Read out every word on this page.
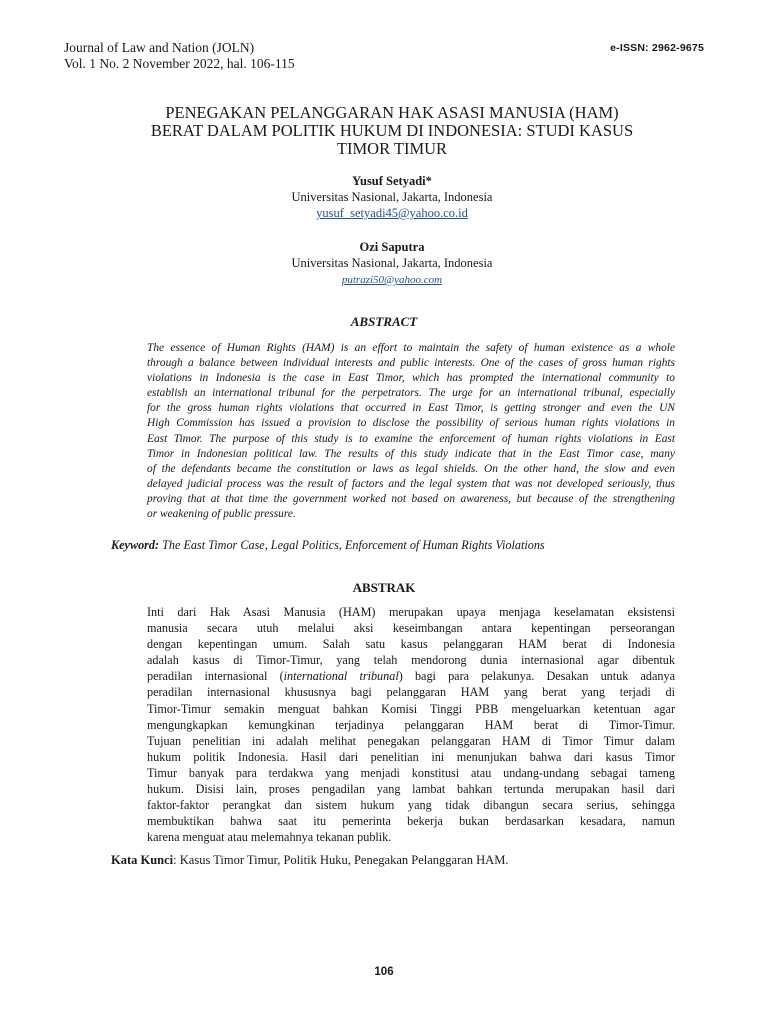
Journal of Law and Nation (JOLN)
Vol. 1 No. 2 November 2022, hal. 106-115
e-ISSN: 2962-9675
PENEGAKAN PELANGGARAN HAK ASASI MANUSIA (HAM)
BERAT DALAM POLITIK HUKUM DI INDONESIA: STUDI KASUS
TIMOR TIMUR
Yusuf Setyadi*
Universitas Nasional, Jakarta, Indonesia
yusuf_setyadi45@yahoo.co.id
Ozi Saputra
Universitas Nasional, Jakarta, Indonesia
putrazi50@yahoo.com
ABSTRACT
The essence of Human Rights (HAM) is an effort to maintain the safety of human existence as a whole
through a balance between individual interests and public interests. One of the cases of gross human rights
violations in Indonesia is the case in East Timor, which has prompted the international community to
establish an international tribunal for the perpetrators. The urge for an international tribunal, especially
for the gross human rights violations that occurred in East Timor, is getting stronger and even the UN
High Commission has issued a provision to disclose the possibility of serious human rights violations in
East Timor. The purpose of this study is to examine the enforcement of human rights violations in East
Timor in Indonesian political law. The results of this study indicate that in the East Timor case, many
of the defendants became the constitution or laws as legal shields. On the other hand, the slow and even
delayed judicial process was the result of factors and the legal system that was not developed seriously, thus
proving that at that time the government worked not based on awareness, but because of the strengthening
or weakening of public pressure.
Keyword: The East Timor Case, Legal Politics, Enforcement of Human Rights Violations
ABSTRAK
Inti dari Hak Asasi Manusia (HAM) merupakan upaya menjaga keselamatan eksistensi
manusia secara utuh melalui aksi keseimbangan antara kepentingan perseorangan
dengan kepentingan umum. Salah satu kasus pelanggaran HAM berat di Indonesia
adalah kasus di Timor-Timur, yang telah mendorong dunia internasional agar dibentuk
peradilan internasional (international tribunal) bagi para pelakunya. Desakan untuk adanya
peradilan internasional khususnya bagi pelanggaran HAM yang berat yang terjadi di
Timor-Timur semakin menguat bahkan Komisi Tinggi PBB mengeluarkan ketentuan agar
mengungkapkan kemungkinan terjadinya pelanggaran HAM berat di Timor-Timur.
Tujuan penelitian ini adalah melihat penegakan pelanggaran HAM di Timor Timur dalam
hukum politik Indonesia. Hasil dari penelitian ini menunjukan bahwa dari kasus Timor
Timur banyak para terdakwa yang menjadi konstitusi atau undang-undang sebagai tameng
hukum. Disisi lain, proses pengadilan yang lambat bahkan tertunda merupakan hasil dari
faktor-faktor perangkat dan sistem hukum yang tidak dibangun secara serius, sehingga
membuktikan bahwa saat itu pemerinta bekerja bukan berdasarkan kesadara, namun
karena menguat atau melemahnya tekanan publik.
Kata Kunci: Kasus Timor Timur, Politik Huku, Penegakan Pelanggaran HAM.
106
